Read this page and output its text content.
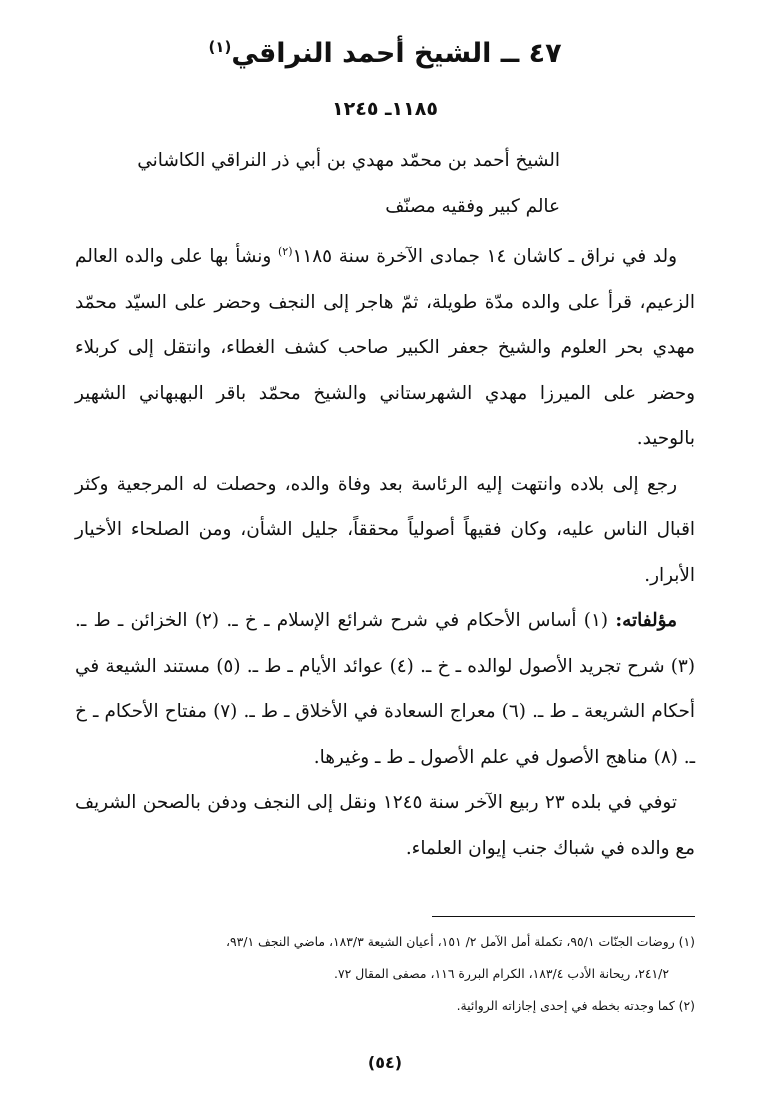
٤٧ ــ الشيخ أحمد النراقي$^{(١)}$
١١٨٥ـ ١٢٤٥

الشيخ أحمد بن محمّد مهدي بن أبي ذر النراقي الكاشاني

عالم كبير وفقيه مصنّف

ولد في نراق ـ كاشان ١٤ جمادى الآخرة سنة ١١٨٥$^{(٢)}$ ونشأ بها على والده العالم الزعيم، قرأ على والده مدّة طويلة، ثمّ هاجر إلى النجف وحضر على السيّد محمّد مهدي بحر العلوم والشيخ جعفر الكبير صاحب كشف الغطاء، وانتقل إلى كربلاء وحضر على الميرزا مهدي الشهرستاني والشيخ محمّد باقر البهبهاني الشهير بالوحيد.

رجع إلى بلاده وانتهت إليه الرئاسة بعد وفاة والده، وحصلت له المرجعية وكثر اقبال الناس عليه، وكان فقيهاً أصولياً محققاً، جليل الشأن، ومن الصلحاء الأخيار الأبرار.

مؤلفاته: (١) أساس الأحكام في شرح شرائع الإسلام ـ خ ـ. (٢) الخزائن ـ ط ـ. (٣) شرح تجريد الأصول لوالده ـ خ ـ. (٤) عوائد الأيام ـ ط ـ. (٥) مستند الشيعة في أحكام الشريعة ـ ط ـ. (٦) معراج السعادة في الأخلاق ـ ط ـ. (٧) مفتاح الأحكام ـ خ ـ. (٨) مناهج الأصول في علم الأصول ـ ط ـ وغيرها.

توفي في بلده ٢٣ ربيع الآخر سنة ١٢٤٥ ونقل إلى النجف ودفن بالصحن الشريف مع والده في شباك جنب إيوان العلماء.

(١) روضات الجنّات ٩٥/١، تكملة أمل الآمل ٢/ ١٥١، أعيان الشيعة ١٨٣/٣، ماضي النجف ٩٣/١،

٢٤١/٢، ريحانة الأدب ١٨٣/٤، الكرام البررة ١١٦، مصفى المقال ٧٢.

(٢) كما وجدته بخطه في إحدى إجازاته الروائية.

(٥٤)
